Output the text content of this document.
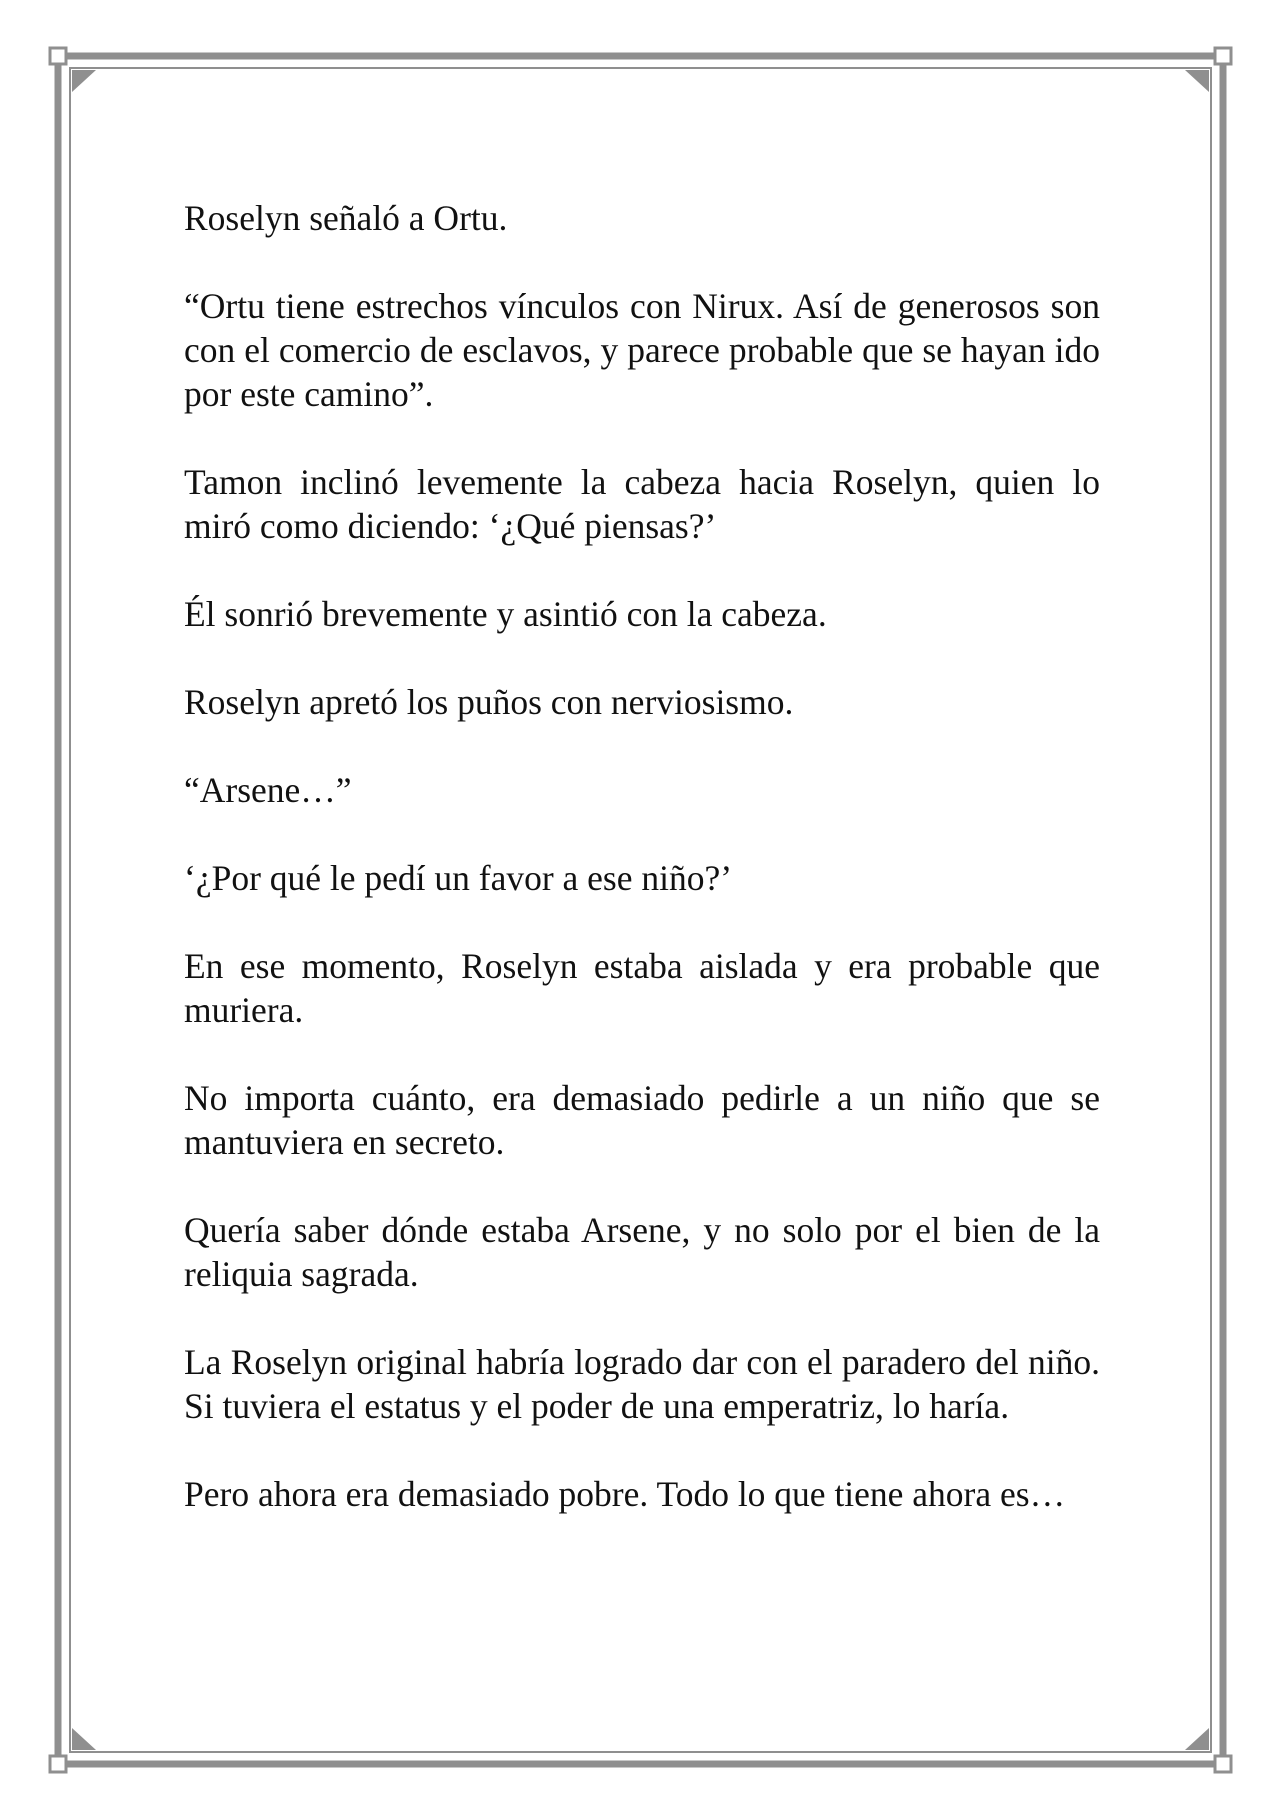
Roselyn señaló a Ortu.

“Ortu tiene estrechos vínculos con Nirux. Así de generosos son con el comercio de esclavos, y parece probable que se hayan ido por este camino”.

Tamon inclinó levemente la cabeza hacia Roselyn, quien lo miró como diciendo: ‘¿Qué piensas?’

Él sonrió brevemente y asintió con la cabeza.

Roselyn apretó los puños con nerviosismo.

“Arsene…”

‘¿Por qué le pedí un favor a ese niño?’

En ese momento, Roselyn estaba aislada y era probable que muriera.

No importa cuánto, era demasiado pedirle a un niño que se mantuviera en secreto.

Quería saber dónde estaba Arsene, y no solo por el bien de la reliquia sagrada.

La Roselyn original habría logrado dar con el paradero del niño. Si tuviera el estatus y el poder de una emperatriz, lo haría.

Pero ahora era demasiado pobre. Todo lo que tiene ahora es…
